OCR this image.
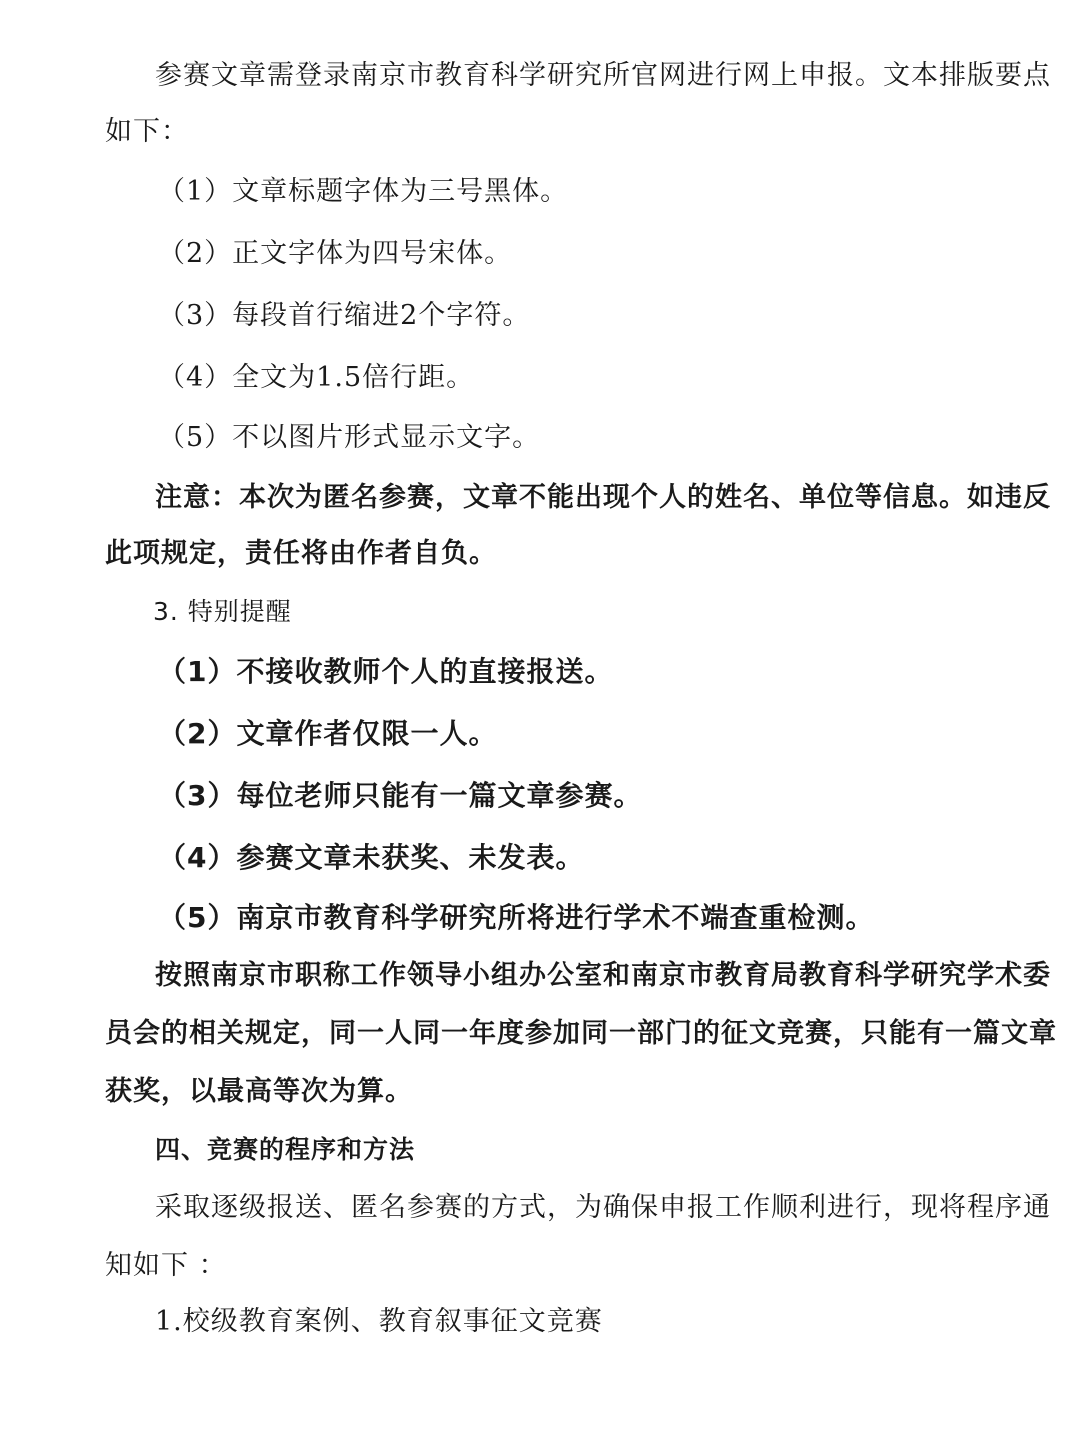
参赛文章需登录南京市教育科学研究所官网进行网上申报。文本排版要点
如下：
（1）文章标题字体为三号黑体。
（2）正文字体为四号宋体。
（3）每段首行缩进2个字符。
（4）全文为1.5倍行距。
（5）不以图片形式显示文字。
注意：本次为匿名参赛，文章不能出现个人的姓名、单位等信息。如违反
此项规定，责任将由作者自负。
3. 特别提醒
（1）不接收教师个人的直接报送。
（2）文章作者仅限一人。
（3）每位老师只能有一篇文章参赛。
（4）参赛文章未获奖、未发表。
（5）南京市教育科学研究所将进行学术不端查重检测。
按照南京市职称工作领导小组办公室和南京市教育局教育科学研究学术委
员会的相关规定，同一人同一年度参加同一部门的征文竞赛，只能有一篇文章
获奖，以最高等次为算。
四、竞赛的程序和方法
采取逐级报送、匿名参赛的方式，为确保申报工作顺利进行，现将程序通
知如下 ：
1.校级教育案例、教育叙事征文竞赛
